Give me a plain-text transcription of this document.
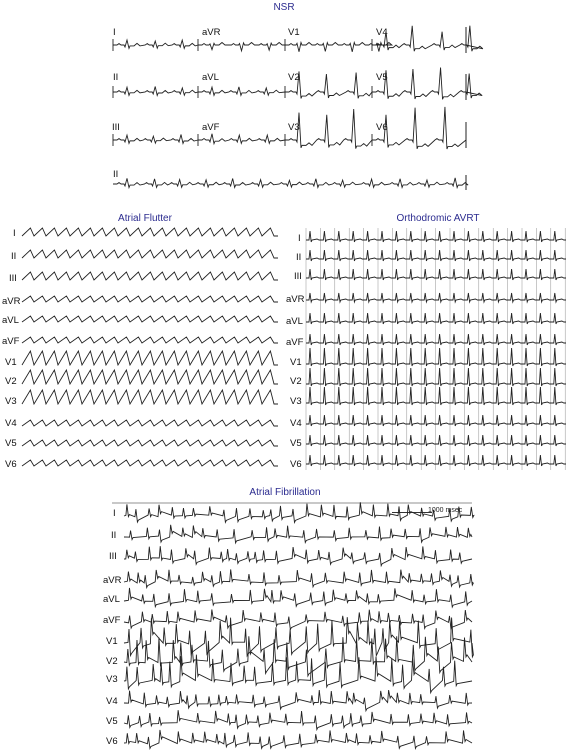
NSR
I	aVR	V1	V4
II	aVL	V2	V5
III	aVF	V3	V6
II
Atrial Flutter
I
II
III
aVR
aVL
aVF
V1
V2
V3
V4
V5
V6
Orthodromic AVRT
I
II
III
aVR
aVL
aVF
V1
V2
V3
V4
V5
V6
Atrial Fibrillation
1000 msec
I
II
III
aVR
aVL
aVF
V1
V2
V3
V4
V5
V6
